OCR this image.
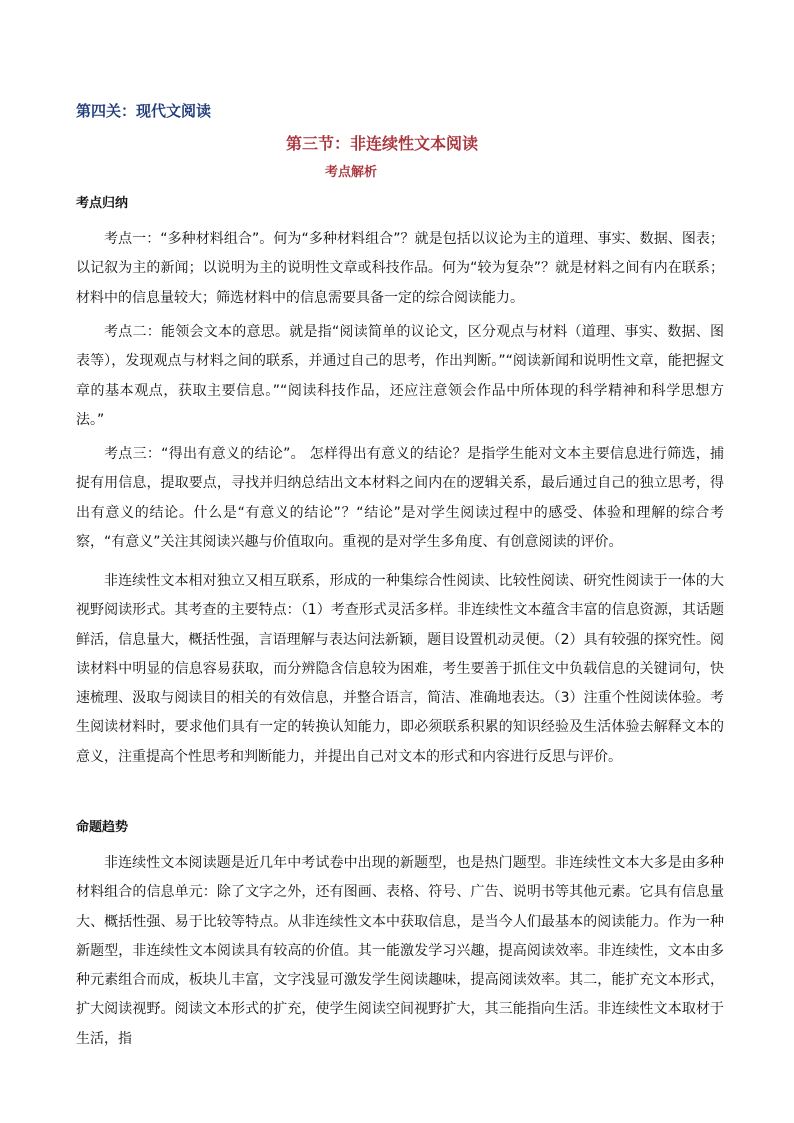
第四关：现代文阅读
第三节：非连续性文本阅读
考点解析
考点归纳

考点一：“多种材料组合”。何为“多种材料组合”？就是包括以议论为主的道理、事实、数据、图表；以记叙为主的新闻；以说明为主的说明性文章或科技作品。何为“较为复杂”？就是材料之间有内在联系；材料中的信息量较大；筛选材料中的信息需要具备一定的综合阅读能力。

考点二：能领会文本的意思。就是指“阅读简单的议论文，区分观点与材料（道理、事实、数据、图表等），发现观点与材料之间的联系，并通过自己的思考，作出判断。”“阅读新闻和说明性文章，能把握文章的基本观点，获取主要信息。”“阅读科技作品，还应注意领会作品中所体现的科学精神和科学思想方法。”

考点三：“得出有意义的结论”。 怎样得出有意义的结论？是指学生能对文本主要信息进行筛选，捕捉有用信息，提取要点，寻找并归纳总结出文本材料之间内在的逻辑关系，最后通过自己的独立思考，得出有意义的结论。什么是“有意义的结论”？“结论”是对学生阅读过程中的感受、体验和理解的综合考察，“有意义”关注其阅读兴趣与价值取向。重视的是对学生多角度、有创意阅读的评价。

非连续性文本相对独立又相互联系，形成的一种集综合性阅读、比较性阅读、研究性阅读于一体的大视野阅读形式。其考查的主要特点：（1）考查形式灵活多样。非连续性文本蕴含丰富的信息资源，其话题鲜活，信息量大，概括性强，言语理解与表达问法新颖，题目设置机动灵便。（2）具有较强的探究性。阅读材料中明显的信息容易获取，而分辨隐含信息较为困难，考生要善于抓住文中负载信息的关键词句，快速梳理、汲取与阅读目的相关的有效信息，并整合语言，简洁、准确地表达。（3）注重个性阅读体验。考生阅读材料时，要求他们具有一定的转换认知能力，即必须联系积累的知识经验及生活体验去解释文本的意义，注重提高个性思考和判断能力，并提出自己对文本的形式和内容进行反思与评价。

命题趋势

非连续性文本阅读题是近几年中考试卷中出现的新题型，也是热门题型。非连续性文本大多是由多种材料组合的信息单元：除了文字之外，还有图画、表格、符号、广告、说明书等其他元素。它具有信息量大、概括性强、易于比较等特点。从非连续性文本中获取信息，是当今人们最基本的阅读能力。作为一种新题型，非连续性文本阅读具有较高的价值。其一能激发学习兴趣，提高阅读效率。非连续性，文本由多种元素组合而成，板块儿丰富，文字浅显可激发学生阅读趣味，提高阅读效率。其二，能扩充文本形式，扩大阅读视野。阅读文本形式的扩充，使学生阅读空间视野扩大，其三能指向生活。非连续性文本取材于生活，指
